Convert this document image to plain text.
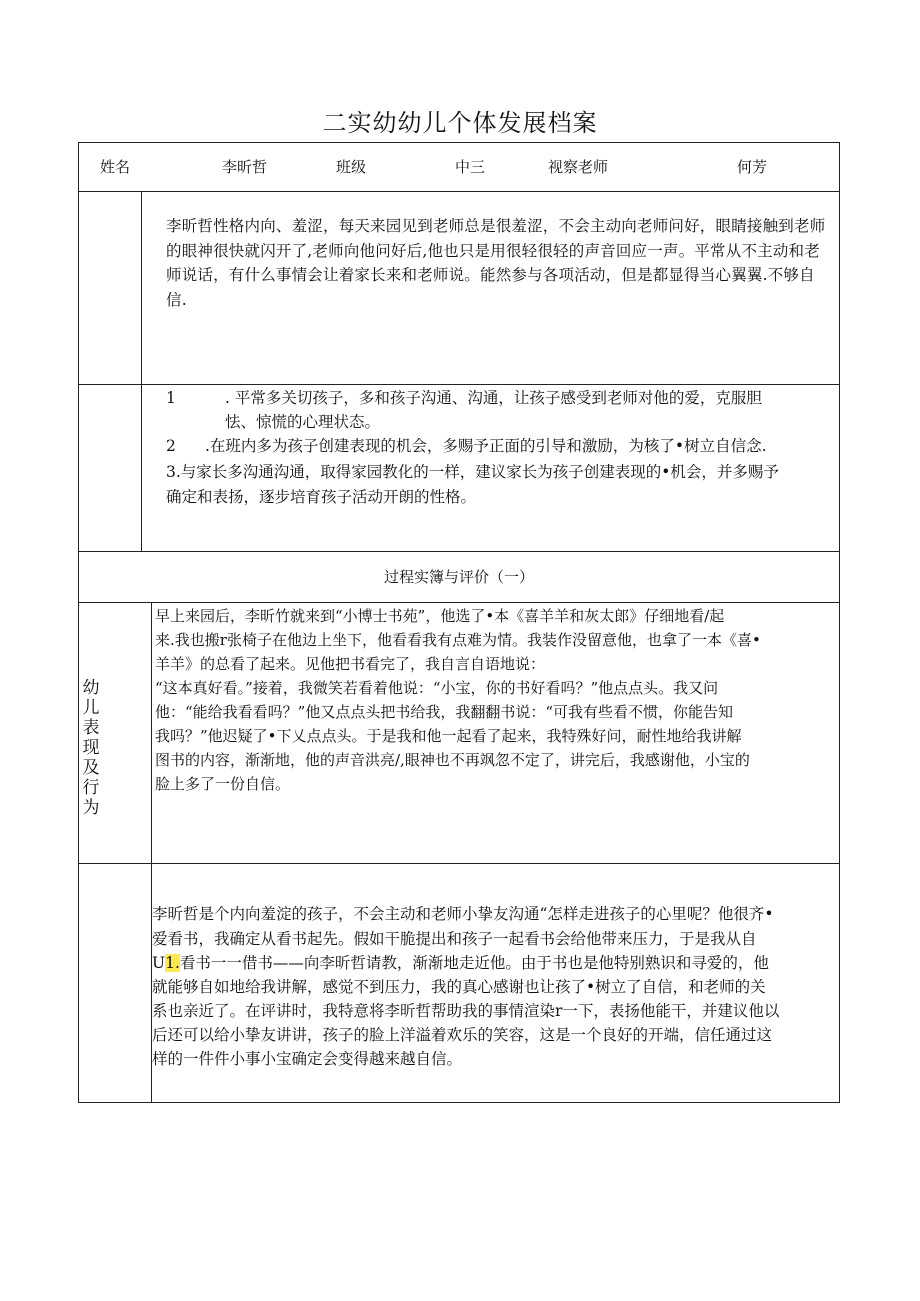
二实幼幼儿个体发展档案
姓名	李昕哲	班级	中三	视察老师	何芳
李昕哲性格内向、羞涩，每天来园见到老师总是很羞涩，不会主动向老师问好，眼睛接触到老师的眼神很快就闪开了,老师向他问好后,他也只是用很轻很轻的声音回应一声。平常从不主动和老师说话，有什么事情会让着家长来和老师说。能然参与各项活动，但是都显得当心翼翼.不够自信.
1	. 平常多关切孩子，多和孩子沟通、沟通，让孩子感受到老师对他的爱，克服胆
怯、惊慌的心理状态。
2 .在班内多为孩子创建表现的机会，多赐予正面的引导和激励，为核了•树立自信念.
3.与家长多沟通沟通，取得家园教化的一样，建议家长为孩子创建表现的•机会，并多赐予
确定和表扬，逐步培育孩子活动开朗的性格。
过程实簿与评价（一）
幼儿表现及行为
早上来园后，李昕竹就来到“小博士书苑”，他选了•本《喜羊羊和灰太郎》仔细地看/起
来.我也搬r张椅子在他边上坐下，他看看我有点难为情。我装作没留意他，也拿了一本《喜•
羊羊》的总看了起来。见他把书看完了，我自言自语地说：
“这本真好看。”接着，我微笑若看着他说：“小宝，你的书好看吗？”他点点头。我又问
他：“能给我看看吗？”他又点点头把书给我，我翻翻书说：“可我有些看不惯，你能告知
我吗？”他迟疑了•下乂点点头。于是我和他一起看了起来，我特殊好问，耐性地给我讲解
图书的内容，渐渐地，他的声音洪亮/,眼神也不再飒忽不定了，讲完后，我感谢他，小宝的
脸上多了一份自信。
李昕哲是个内向羞淀的孩子，不会主动和老师小挚友沟通“怎样走进孩子的心里呢？他很齐•
爱看书，我确定从看书起先。假如干脆提出和孩子一起看书会给他带来压力，于是我从自
U1.看书一一借书——向李昕哲请教，渐渐地走近他。由于书也是他特别熟识和寻爱的，他
就能够自如地给我讲解，感觉不到压力，我的真心感谢也让孩了•树立了自信，和老师的关
系也亲近了。在评讲时，我特意将李昕哲帮助我的事情渲染r一下，表扬他能干，并建议他以
后还可以给小挚友讲讲，孩子的脸上洋溢着欢乐的笑容，这是一个良好的开端，信任通过这
样的一件件小事小宝确定会变得越来越自信。
